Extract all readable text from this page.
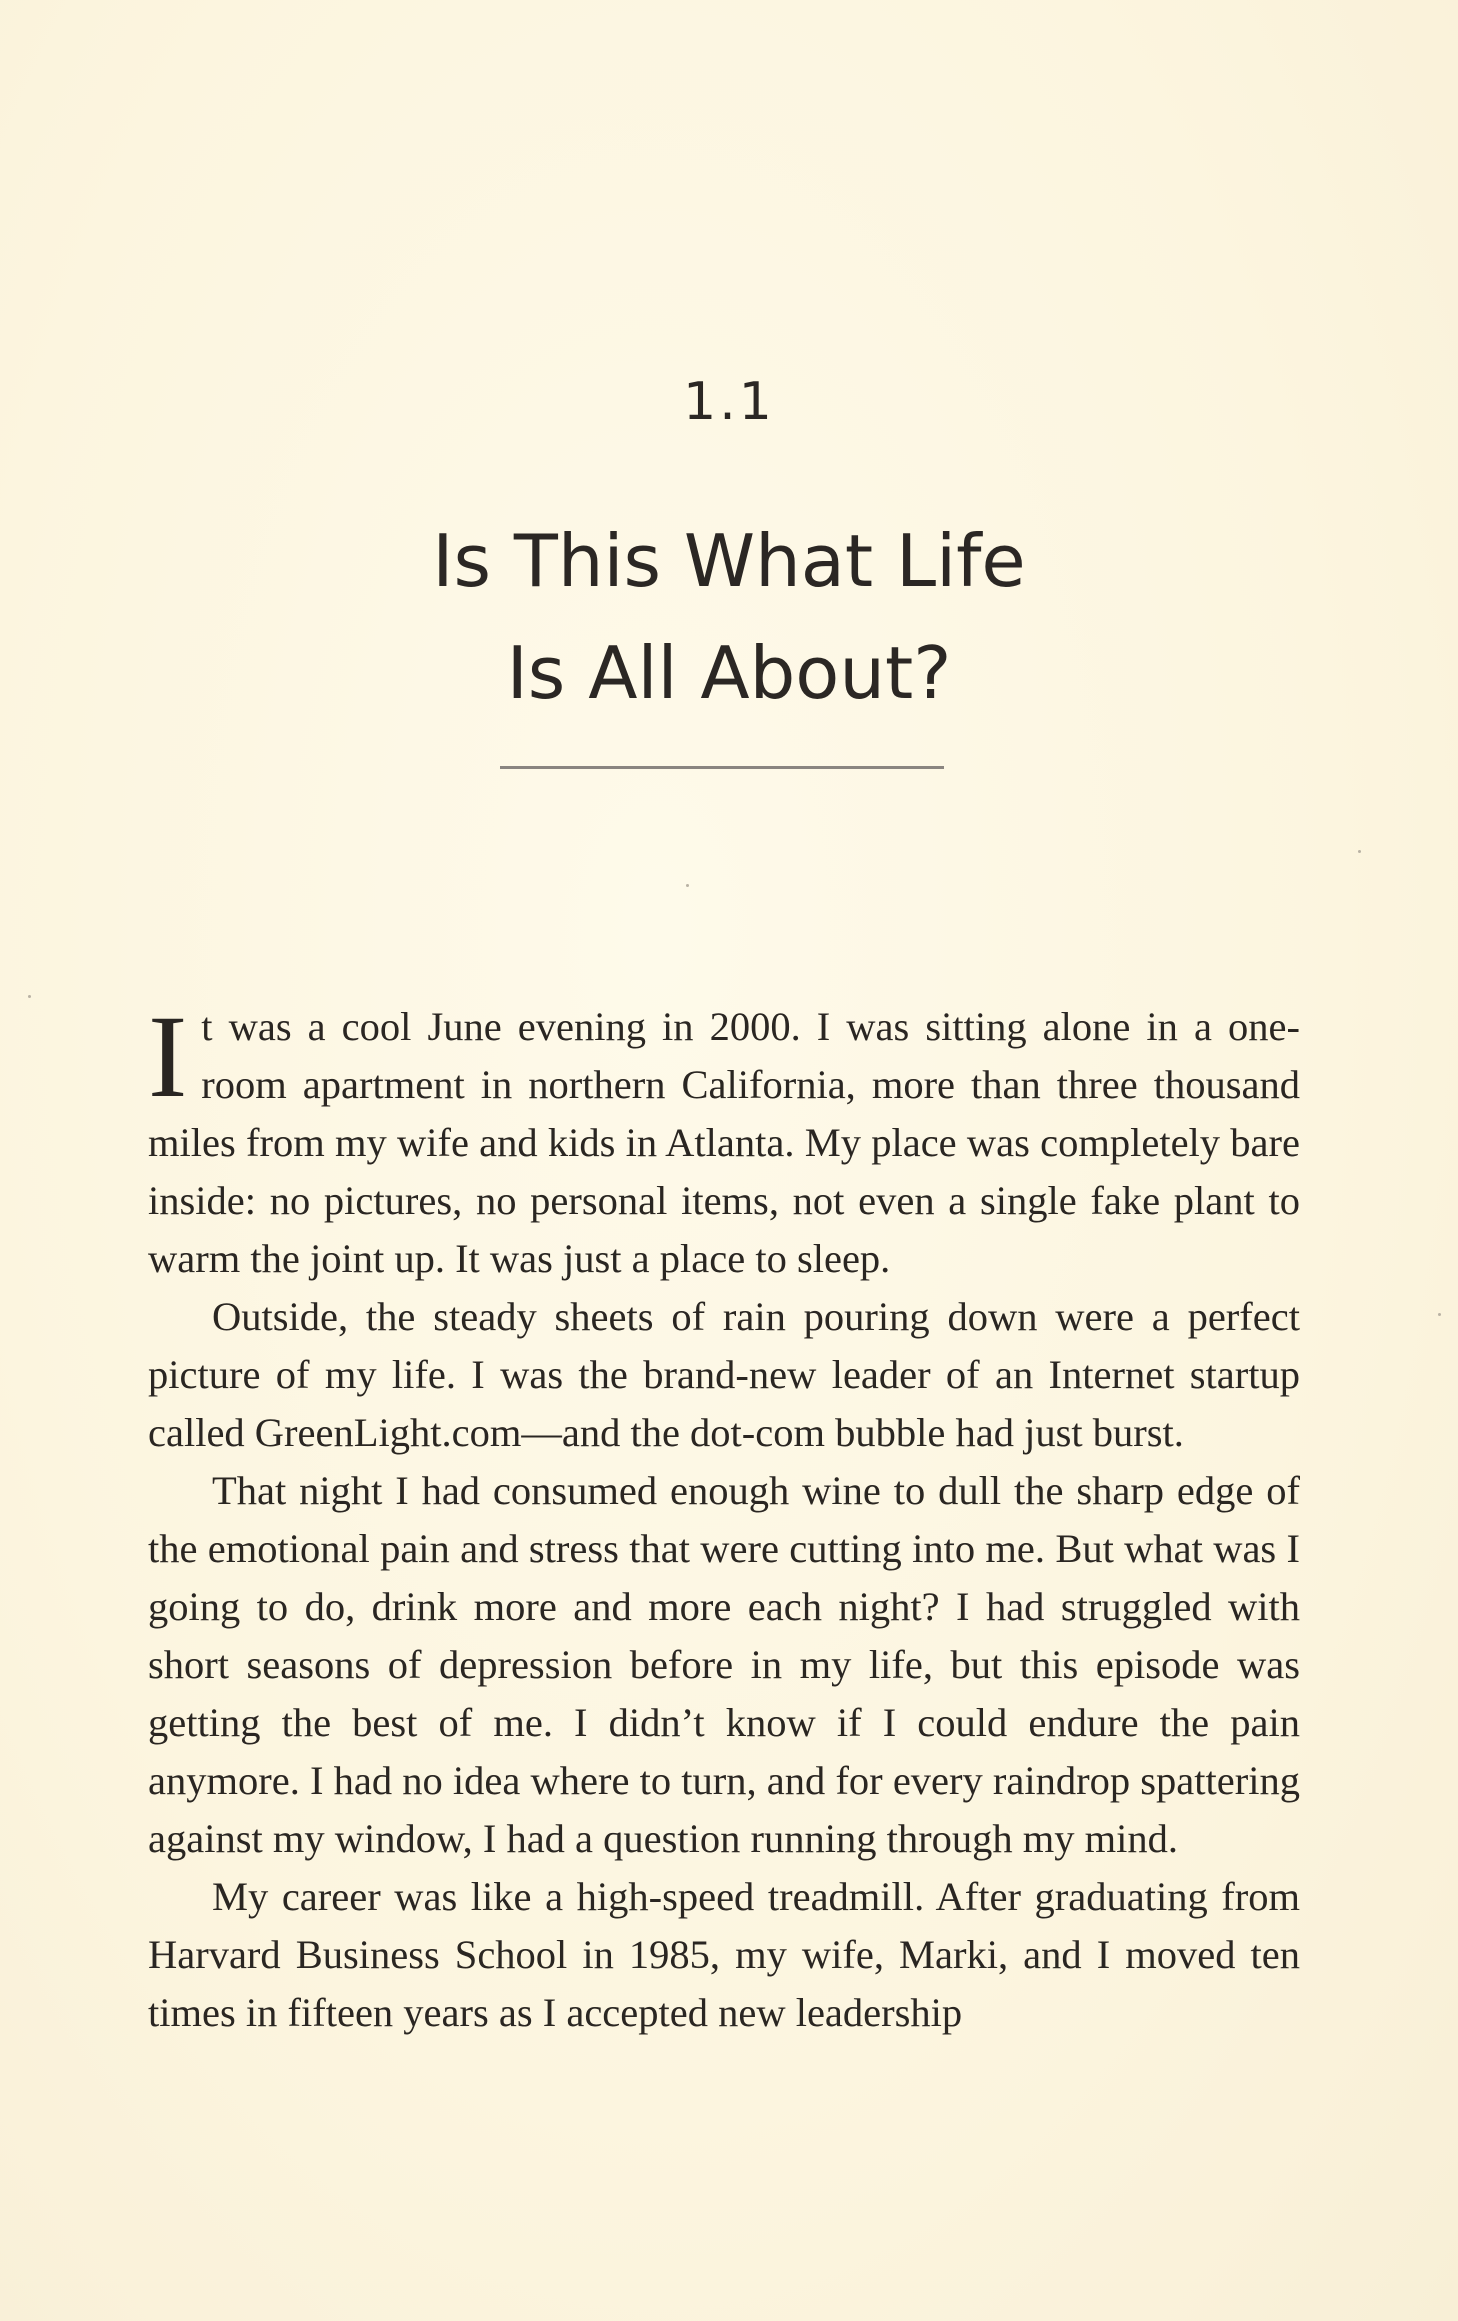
1.1
Is This What Life
Is All About?

It was a cool June evening in 2000. I was sitting alone in a one-room apartment in northern California, more than three thousand miles from my wife and kids in Atlanta. My place was completely bare inside: no pictures, no personal items, not even a single fake plant to warm the joint up. It was just a place to sleep.

Outside, the steady sheets of rain pouring down were a perfect picture of my life. I was the brand-new leader of an Internet startup called GreenLight.com—and the dot-com bubble had just burst.

That night I had consumed enough wine to dull the sharp edge of the emotional pain and stress that were cutting into me. But what was I going to do, drink more and more each night? I had struggled with short seasons of depression before in my life, but this episode was getting the best of me. I didn’t know if I could endure the pain anymore. I had no idea where to turn, and for every raindrop spattering against my window, I had a question running through my mind.

My career was like a high-speed treadmill. After graduating from Harvard Business School in 1985, my wife, Marki, and I moved ten times in fifteen years as I accepted new leadership
